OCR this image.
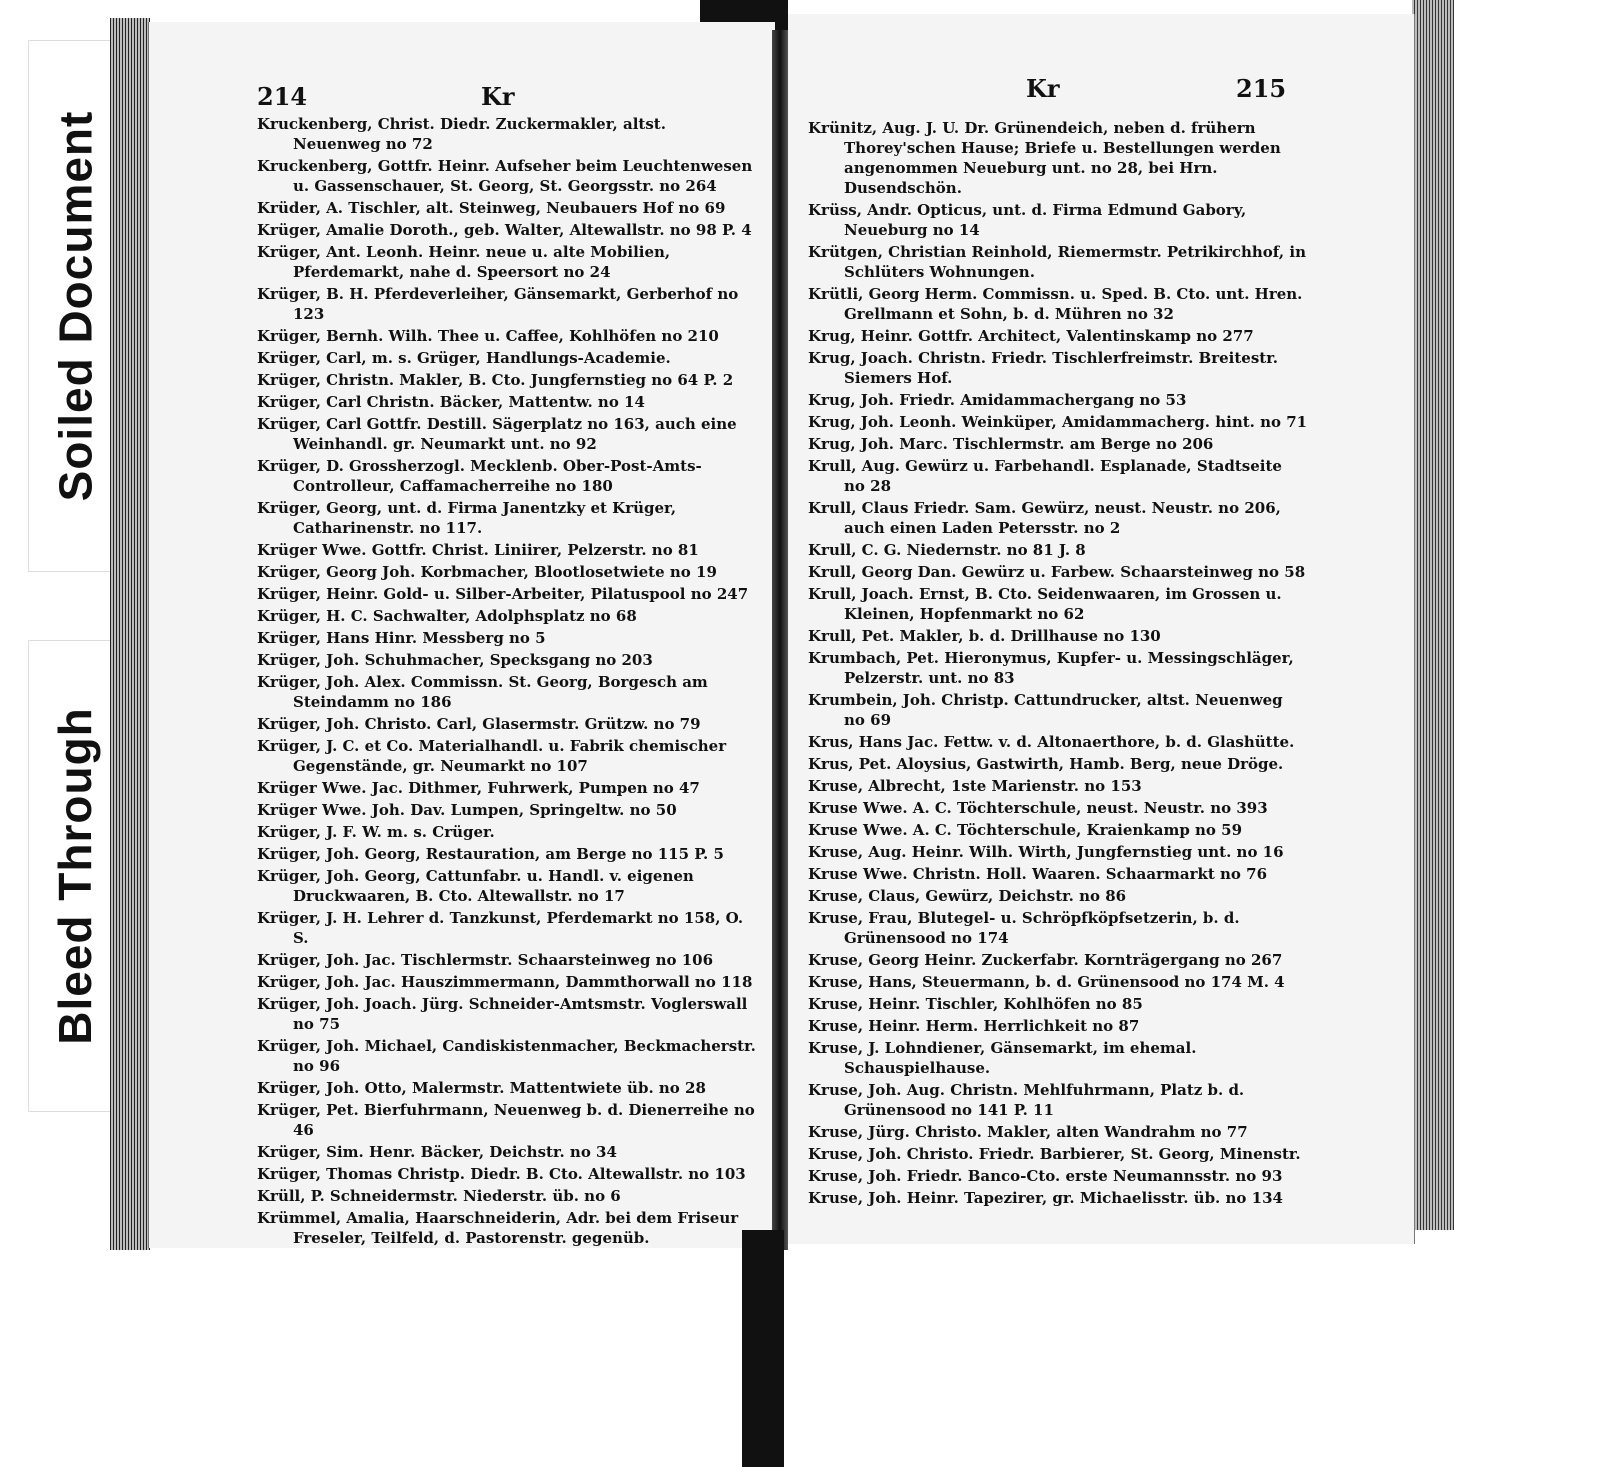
Soiled Document
Bleed Through
214	Kr
Kruckenberg, Christ. Diedr. Zuckermakler, altst. Neuenweg no 72
Kruckenberg, Gottfr. Heinr. Aufseher beim Leuchtenwesen u. Gassenschauer, St. Georg, St. Georgsstr. no 264
Krüder, A. Tischler, alt. Steinweg, Neubauers Hof no 69
Krüger, Amalie Doroth., geb. Walter, Altewallstr. no 98 P. 4
Krüger, Ant. Leonh. Heinr. neue u. alte Mobilien, Pferdemarkt, nahe d. Speersort no 24
Krüger, B. H. Pferdeverleiher, Gänsemarkt, Gerberhof no 123
Krüger, Bernh. Wilh. Thee u. Caffee, Kohlhöfen no 210
Krüger, Carl, m. s. Grüger, Handlungs-Academie.
Krüger, Christn. Makler, B. Cto. Jungfernstieg no 64 P. 2
Krüger, Carl Christn. Bäcker, Mattentw. no 14
Krüger, Carl Gottfr. Destill. Sägerplatz no 163, auch eine Weinhandl. gr. Neumarkt unt. no 92
Krüger, D. Grossherzogl. Mecklenb. Ober-Post-Amts-Controlleur, Caffamacherreihe no 180
Krüger, Georg, unt. d. Firma Janentzky et Krüger, Catharinenstr. no 117.
Krüger Wwe. Gottfr. Christ. Liniirer, Pelzerstr. no 81
Krüger, Georg Joh. Korbmacher, Blootlosetwiete no 19
Krüger, Heinr. Gold- u. Silber-Arbeiter, Pilatuspool no 247
Krüger, H. C. Sachwalter, Adolphsplatz no 68
Krüger, Hans Hinr. Messberg no 5
Krüger, Joh. Schuhmacher, Specksgang no 203
Krüger, Joh. Alex. Commissn. St. Georg, Borgesch am Steindamm no 186
Krüger, Joh. Christo. Carl, Glasermstr. Grützw. no 79
Krüger, J. C. et Co. Materialhandl. u. Fabrik chemischer Gegenstände, gr. Neumarkt no 107
Krüger Wwe. Jac. Dithmer, Fuhrwerk, Pumpen no 47
Krüger Wwe. Joh. Dav. Lumpen, Springeltw. no 50
Krüger, J. F. W. m. s. Crüger.
Krüger, Joh. Georg, Restauration, am Berge no 115 P. 5
Krüger, Joh. Georg, Cattunfabr. u. Handl. v. eigenen Druckwaaren, B. Cto. Altewallstr. no 17
Krüger, J. H. Lehrer d. Tanzkunst, Pferdemarkt no 158, O. S.
Krüger, Joh. Jac. Tischlermstr. Schaarsteinweg no 106
Krüger, Joh. Jac. Hauszimmermann, Dammthorwall no 118
Krüger, Joh. Joach. Jürg. Schneider-Amtsmstr. Voglerswall no 75
Krüger, Joh. Michael, Candiskistenmacher, Beckmacherstr. no 96
Krüger, Joh. Otto, Malermstr. Mattentwiete üb. no 28
Krüger, Pet. Bierfuhrmann, Neuenweg b. d. Dienerreihe no 46
Krüger, Sim. Henr. Bäcker, Deichstr. no 34
Krüger, Thomas Christp. Diedr. B. Cto. Altewallstr. no 103
Krüll, P. Schneidermstr. Niederstr. üb. no 6
Krümmel, Amalia, Haarschneiderin, Adr. bei dem Friseur Freseler, Teilfeld, d. Pastorenstr. gegenüb.
Kr	215
Krünitz, Aug. J. U. Dr. Grünendeich, neben d. frühern Thorey'schen Hause; Briefe u. Bestellungen werden angenommen Neueburg unt. no 28, bei Hrn. Dusendschön.
Krüss, Andr. Opticus, unt. d. Firma Edmund Gabory, Neueburg no 14
Krütgen, Christian Reinhold, Riemermstr. Petrikirchhof, in Schlüters Wohnungen.
Krütli, Georg Herm. Commissn. u. Sped. B. Cto. unt. Hren. Grellmann et Sohn, b. d. Mühren no 32
Krug, Heinr. Gottfr. Architect, Valentinskamp no 277
Krug, Joach. Christn. Friedr. Tischlerfreimstr. Breitestr. Siemers Hof.
Krug, Joh. Friedr. Amidammachergang no 53
Krug, Joh. Leonh. Weinküper, Amidammacherg. hint. no 71
Krug, Joh. Marc. Tischlermstr. am Berge no 206
Krull, Aug. Gewürz u. Farbehandl. Esplanade, Stadtseite no 28
Krull, Claus Friedr. Sam. Gewürz, neust. Neustr. no 206, auch einen Laden Petersstr. no 2
Krull, C. G. Niedernstr. no 81 J. 8
Krull, Georg Dan. Gewürz u. Farbew. Schaarsteinweg no 58
Krull, Joach. Ernst, B. Cto. Seidenwaaren, im Grossen u. Kleinen, Hopfenmarkt no 62
Krull, Pet. Makler, b. d. Drillhause no 130
Krumbach, Pet. Hieronymus, Kupfer- u. Messingschläger, Pelzerstr. unt. no 83
Krumbein, Joh. Christp. Cattundrucker, altst. Neuenweg no 69
Krus, Hans Jac. Fettw. v. d. Altonaerthore, b. d. Glashütte.
Krus, Pet. Aloysius, Gastwirth, Hamb. Berg, neue Dröge.
Kruse, Albrecht, 1ste Marienstr. no 153
Kruse Wwe. A. C. Töchterschule, neust. Neustr. no 393
Kruse Wwe. A. C. Töchterschule, Kraienkamp no 59
Kruse, Aug. Heinr. Wilh. Wirth, Jungfernstieg unt. no 16
Kruse Wwe. Christn. Holl. Waaren. Schaarmarkt no 76
Kruse, Claus, Gewürz, Deichstr. no 86
Kruse, Frau, Blutegel- u. Schröpfköpfsetzerin, b. d. Grünensood no 174
Kruse, Georg Heinr. Zuckerfabr. Kornträgergang no 267
Kruse, Hans, Steuermann, b. d. Grünensood no 174 M. 4
Kruse, Heinr. Tischler, Kohlhöfen no 85
Kruse, Heinr. Herm. Herrlichkeit no 87
Kruse, J. Lohndiener, Gänsemarkt, im ehemal. Schauspielhause.
Kruse, Joh. Aug. Christn. Mehlfuhrmann, Platz b. d. Grünensood no 141 P. 11
Kruse, Jürg. Christo. Makler, alten Wandrahm no 77
Kruse, Joh. Christo. Friedr. Barbierer, St. Georg, Minenstr.
Kruse, Joh. Friedr. Banco-Cto. erste Neumannsstr. no 93
Kruse, Joh. Heinr. Tapezirer, gr. Michaelisstr. üb. no 134
